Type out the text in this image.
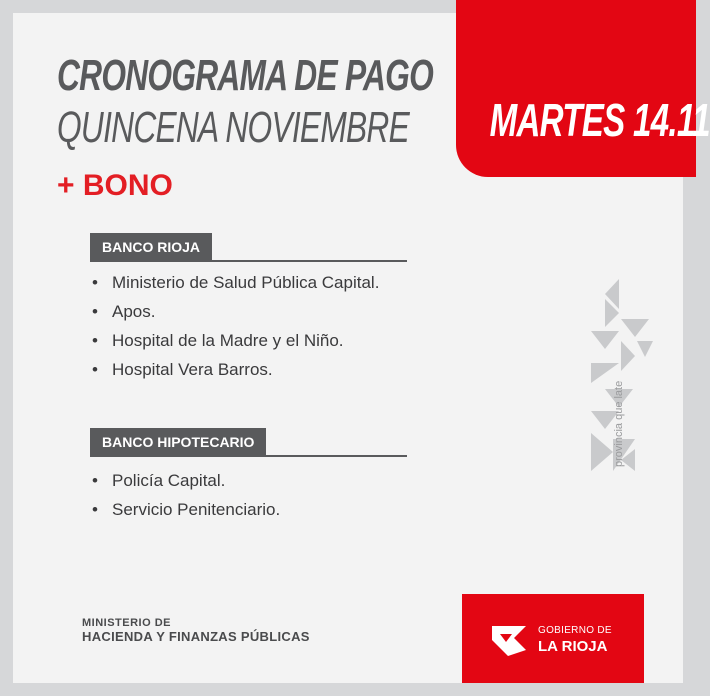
CRONOGRAMA DE PAGO
QUINCENA NOVIEMBRE
+ BONO
MARTES 14.11
BANCO RIOJA
• Ministerio de Salud Pública Capital.
• Apos.
• Hospital de la Madre y el Niño.
• Hospital Vera Barros.
BANCO HIPOTECARIO
• Policía Capital.
• Servicio Penitenciario.
provincia que late
MINISTERIO DE
HACIENDA Y FINANZAS PÚBLICAS	GOBIERNO DE
LA RIOJA
